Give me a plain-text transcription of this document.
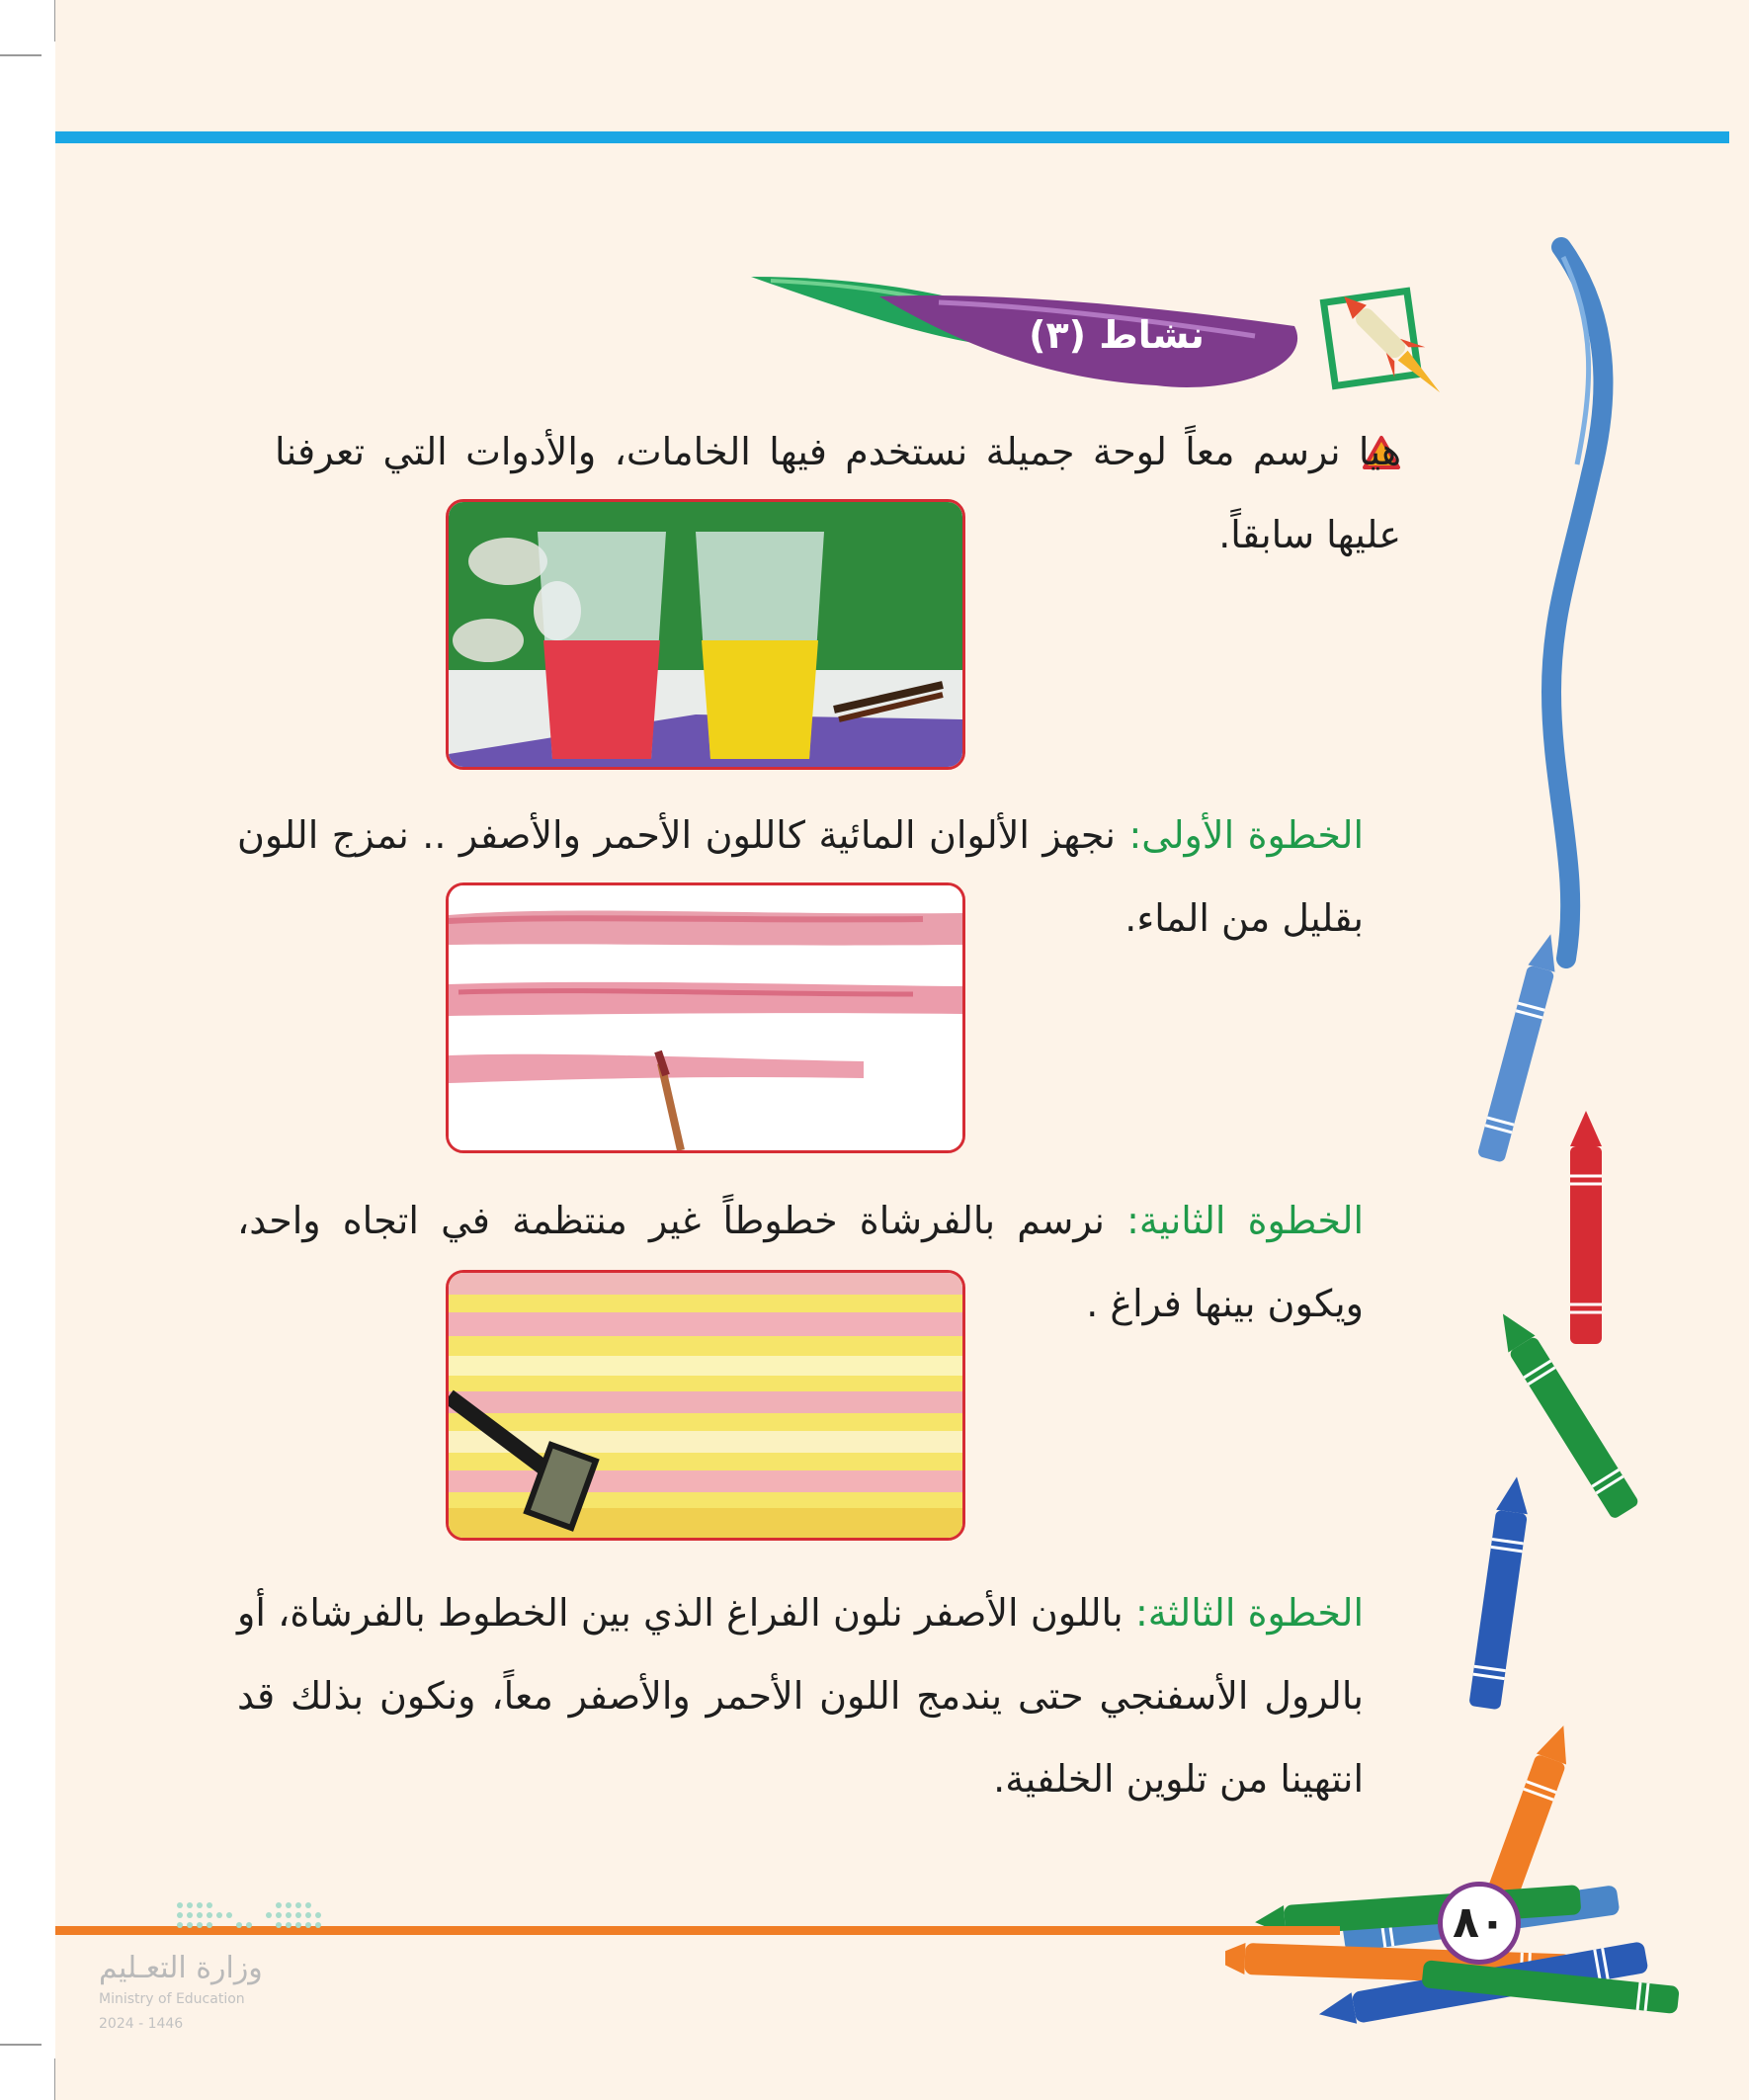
نشاط (٣)

هيا نرسم معاً لوحة جميلة نستخدم فيها الخامات، والأدوات التي تعرفنا عليها سابقاً.

الخطوة الأولى: نجهز الألوان المائية كاللون الأحمر والأصفر .. نمزج اللون بقليل من الماء.

الخطوة الثانية: نرسم بالفرشاة خطوطاً غير منتظمة في اتجاه واحد، ويكون بينها فراغ .

الخطوة الثالثة: باللون الأصفر نلون الفراغ الذي بين الخطوط بالفرشاة، أو بالرول الأسفنجي حتى يندمج اللون الأحمر والأصفر معاً، ونكون بذلك قد انتهينا من تلوين الخلفية.

٨٠
وزارة التعـليم
Ministry of Education
2024 - 1446
